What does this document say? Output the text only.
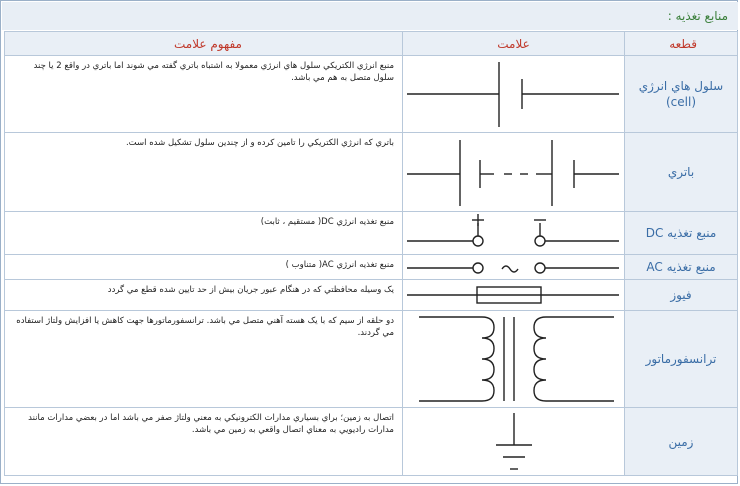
منابع تغذیه :
قطعه	علامت	مفهوم علامت
سلول هاي انرژي (cell)		منبع انرژي الکتريکي سلول هاي انرژي معمولا به اشتباه باتري گفته مي شوند اما باتري در واقع 2 يا چند سلول متصل به هم مي باشد.
باتري		باتري که انرژي الکتريکي را تامين کرده و از چندين سلول تشکيل شده است.
منبع تغذيه DC		منبع تغذيه انرژي DC( مستقيم ، ثابت)
منبع تغذيه AC		منبع تغذيه انرژي AC( متناوب )
فيوز		يک وسيله محافظتي که در هنگام عبور جريان بيش از حد تايين شده قطع مي گردد
ترانسفورماتور		دو حلقه از سيم که با يک هسته آهني متصل مي باشد. ترانسفورماتورها جهت کاهش يا افزايش ولتاژ استفاده مي گردند.
زمين		اتصال به زمين؛ براي بسياري مدارات الکترونيکي به معني ولتاژ صفر مي باشد اما در بعضي مدارات مانند مدارات راديويي به معناي اتصال واقعي به زمين مي باشد.
